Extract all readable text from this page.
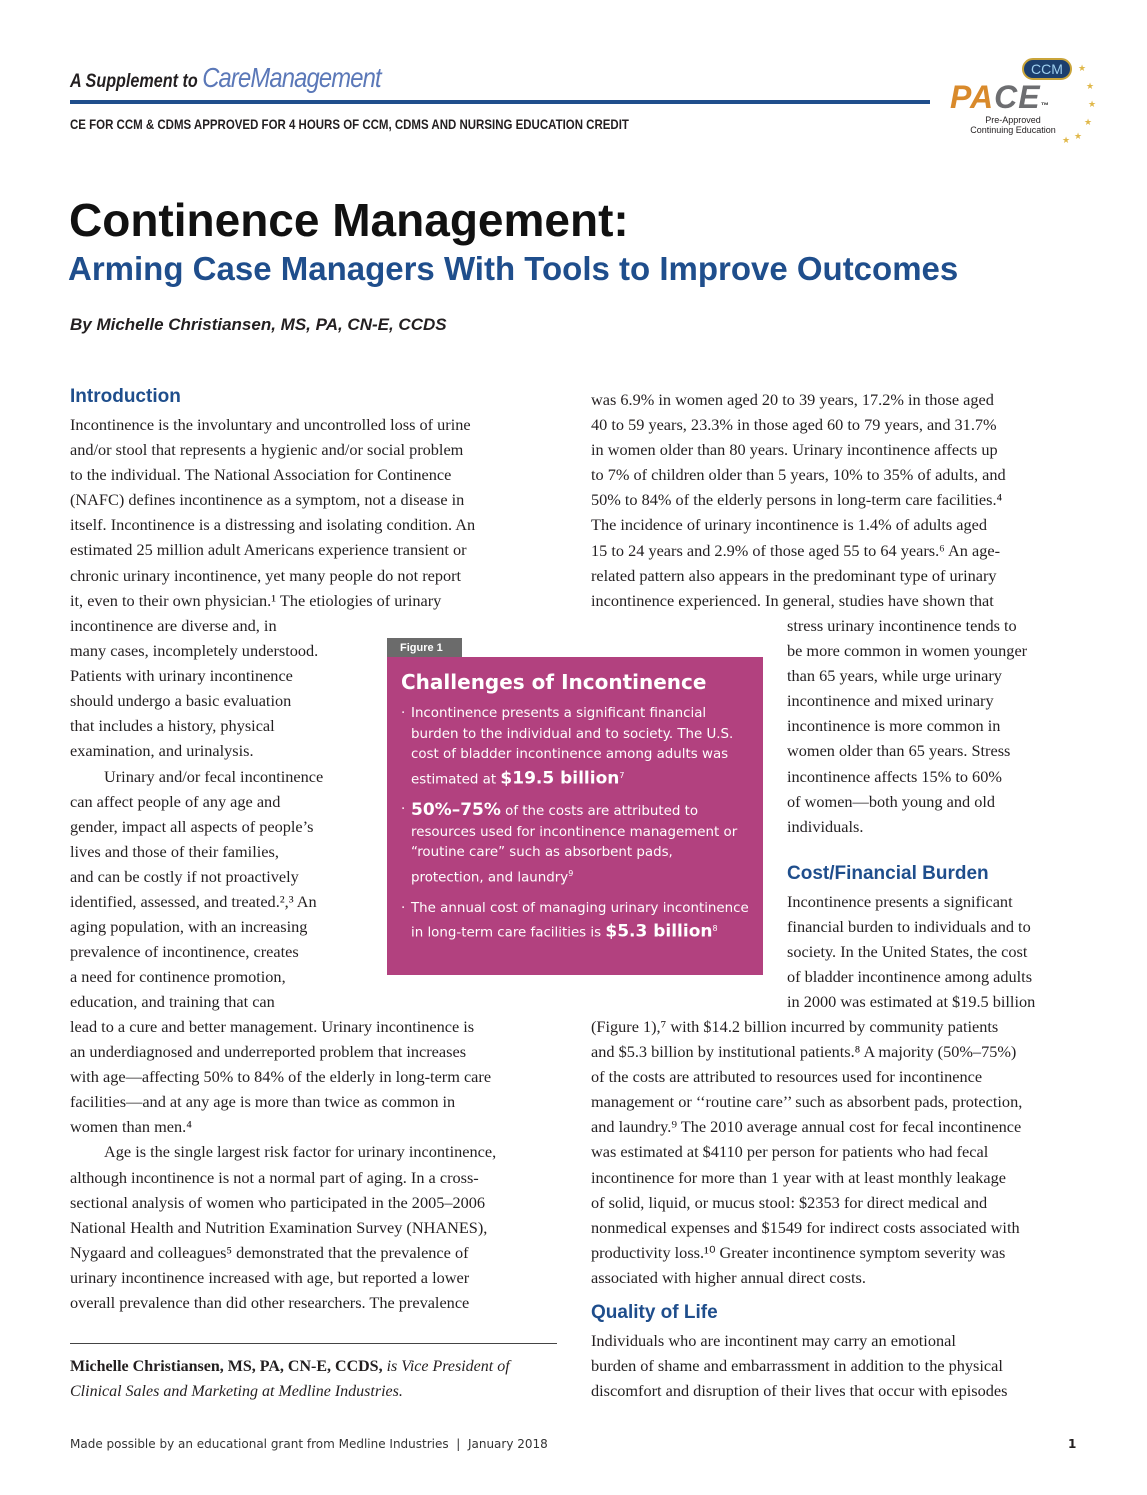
A Supplement to CareManagement
CE FOR CCM & CDMS APPROVED FOR 4 HOURS OF CCM, CDMS AND NURSING EDUCATION CREDIT
CCM
PACE™
Pre-Approved
Continuing Education
★
★
★
★
★
★
Continence Management:
Arming Case Managers With Tools to Improve Outcomes
By Michelle Christiansen, MS, PA, CN-E, CCDS
Introduction
Cost/Financial Burden
Quality of Life
Incontinence is the involuntary and uncontrolled loss of urine
and/or stool that represents a hygienic and/or social problem
to the individual. The National Association for Continence
(NAFC) defines incontinence as a symptom, not a disease in
itself. Incontinence is a distressing and isolating condition. An
estimated 25 million adult Americans experience transient or
chronic urinary incontinence, yet many people do not report
it, even to their own physician.¹ The etiologies of urinary
incontinence are diverse and, in
many cases, incompletely understood.
Patients with urinary incontinence
should undergo a basic evaluation
that includes a history, physical
examination, and urinalysis.
Urinary and/or fecal incontinence
can affect people of any age and
gender, impact all aspects of people’s
lives and those of their families,
and can be costly if not proactively
identified, assessed, and treated.²,³ An
aging population, with an increasing
prevalence of incontinence, creates
a need for continence promotion,
education, and training that can
lead to a cure and better management. Urinary incontinence is
an underdiagnosed and underreported problem that increases
with age—affecting 50% to 84% of the elderly in long-term care
facilities—and at any age is more than twice as common in
women than men.⁴
Age is the single largest risk factor for urinary incontinence,
although incontinence is not a normal part of aging. In a cross-
sectional analysis of women who participated in the 2005–2006
National Health and Nutrition Examination Survey (NHANES),
Nygaard and colleagues⁵ demonstrated that the prevalence of
urinary incontinence increased with age, but reported a lower
overall prevalence than did other researchers. The prevalence
was 6.9% in women aged 20 to 39 years, 17.2% in those aged
40 to 59 years, 23.3% in those aged 60 to 79 years, and 31.7%
in women older than 80 years. Urinary incontinence affects up
to 7% of children older than 5 years, 10% to 35% of adults, and
50% to 84% of the elderly persons in long-term care facilities.⁴
The incidence of urinary incontinence is 1.4% of adults aged
15 to 24 years and 2.9% of those aged 55 to 64 years.⁶ An age-
related pattern also appears in the predominant type of urinary
incontinence experienced. In general, studies have shown that
stress urinary incontinence tends to
be more common in women younger
than 65 years, while urge urinary
incontinence and mixed urinary
incontinence is more common in
women older than 65 years. Stress
incontinence affects 15% to 60%
of women—both young and old
individuals.
Incontinence presents a significant
financial burden to individuals and to
society. In the United States, the cost
of bladder incontinence among adults
in 2000 was estimated at $19.5 billion
(Figure 1),⁷ with $14.2 billion incurred by community patients
and $5.3 billion by institutional patients.⁸ A majority (50%–75%)
of the costs are attributed to resources used for incontinence
management or ‘‘routine care’’ such as absorbent pads, protection,
and laundry.⁹ The 2010 average annual cost for fecal incontinence
was estimated at $4110 per person for patients who had fecal
incontinence for more than 1 year with at least monthly leakage
of solid, liquid, or mucus stool: $2353 for direct medical and
nonmedical expenses and $1549 for indirect costs associated with
productivity loss.¹⁰ Greater incontinence symptom severity was
associated with higher annual direct costs.
Individuals who are incontinent may carry an emotional
burden of shame and embarrassment in addition to the physical
discomfort and disruption of their lives that occur with episodes
Figure 1
Challenges of Incontinence
· Incontinence presents a significant financial burden to the individual and to society. The U.S. cost of bladder incontinence among adults was estimated at $19.5 billion$^7$
· 50%–75% of the costs are attributed to resources used for incontinence management or “routine care” such as absorbent pads, protection, and laundry$^9$
· The annual cost of managing urinary incontinence in long-term care facilities is $5.3 billion$^8$
Michelle Christiansen, MS, PA, CN-E, CCDS, is Vice President of
Clinical Sales and Marketing at Medline Industries.
Made possible by an educational grant from Medline Industries  |  January 2018	1
